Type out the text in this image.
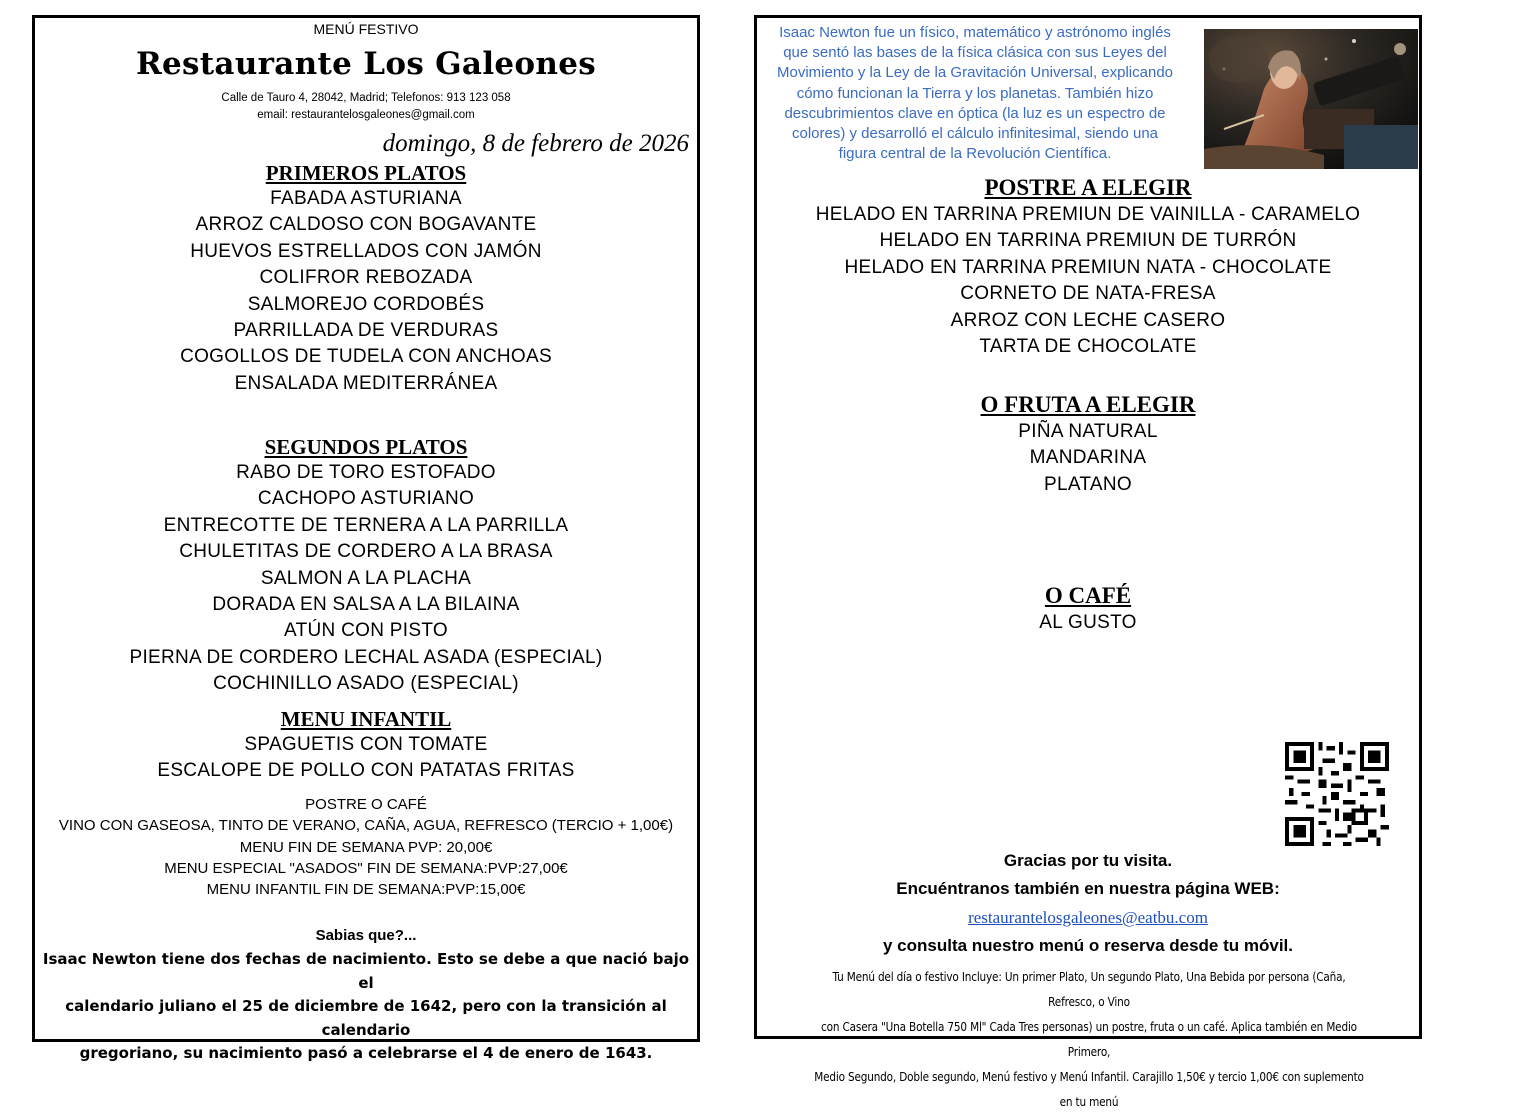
MENÚ FESTIVO
Restaurante Los Galeones
Calle de Tauro 4, 28042, Madrid; Telefonos: 913 123 058
email: restaurantelosgaleones@gmail.com
domingo, 8 de febrero de 2026
PRIMEROS PLATOS
FABADA ASTURIANA
ARROZ CALDOSO CON BOGAVANTE
HUEVOS ESTRELLADOS CON JAMÓN
COLIFROR REBOZADA
SALMOREJO CORDOBÉS
PARRILLADA DE VERDURAS
COGOLLOS DE TUDELA CON ANCHOAS
ENSALADA MEDITERRÁNEA
SEGUNDOS PLATOS
RABO DE TORO ESTOFADO
CACHOPO ASTURIANO
ENTRECOTTE DE TERNERA A LA PARRILLA
CHULETITAS DE CORDERO A LA BRASA
SALMON A LA PLACHA
DORADA EN SALSA A LA BILAINA
ATÚN CON PISTO
PIERNA DE CORDERO LECHAL ASADA (ESPECIAL)
COCHINILLO ASADO (ESPECIAL)
MENU INFANTIL
SPAGUETIS CON TOMATE
ESCALOPE DE POLLO CON PATATAS FRITAS
POSTRE O CAFÉ
VINO CON GASEOSA, TINTO DE VERANO, CAÑA, AGUA, REFRESCO (TERCIO + 1,00€)
MENU FIN DE SEMANA PVP: 20,00€
MENU ESPECIAL "ASADOS" FIN DE SEMANA:PVP:27,00€
MENU INFANTIL FIN DE SEMANA:PVP:15,00€
Sabias que?...
Isaac Newton tiene dos fechas de nacimiento. Esto se debe a que nació bajo el
calendario juliano el 25 de diciembre de 1642, pero con la transición al calendario
gregoriano, su nacimiento pasó a celebrarse el 4 de enero de 1643.
Isaac Newton fue un físico, matemático y astrónomo inglés
que sentó las bases de la física clásica con sus Leyes del
Movimiento y la Ley de la Gravitación Universal, explicando
cómo funcionan la Tierra y los planetas. También hizo
descubrimientos clave en óptica (la luz es un espectro de
colores) y desarrolló el cálculo infinitesimal, siendo una
figura central de la Revolución Científica.
POSTRE A ELEGIR
HELADO EN TARRINA PREMIUN DE VAINILLA - CARAMELO
HELADO EN TARRINA PREMIUN DE TURRÓN
HELADO EN TARRINA PREMIUN NATA - CHOCOLATE
CORNETO DE NATA-FRESA
ARROZ CON LECHE CASERO
TARTA DE CHOCOLATE
O FRUTA A ELEGIR
PIÑA NATURAL
MANDARINA
PLATANO
O CAFÉ
AL GUSTO
Gracias por tu visita.
Encuéntranos también en nuestra página WEB:
restaurantelosgaleones@eatbu.com
y consulta nuestro menú o reserva desde tu móvil.
Tu Menú del día o festivo Incluye: Un primer Plato, Un segundo Plato, Una Bebida por persona (Caña, Refresco, o Vino
con Casera "Una Botella 750 Ml" Cada Tres personas) un postre, fruta o un café. Aplica también en Medio Primero,
Medio Segundo, Doble segundo, Menú festivo y Menú Infantil. Carajillo 1,50€ y tercio 1,00€ con suplemento en tu menú
